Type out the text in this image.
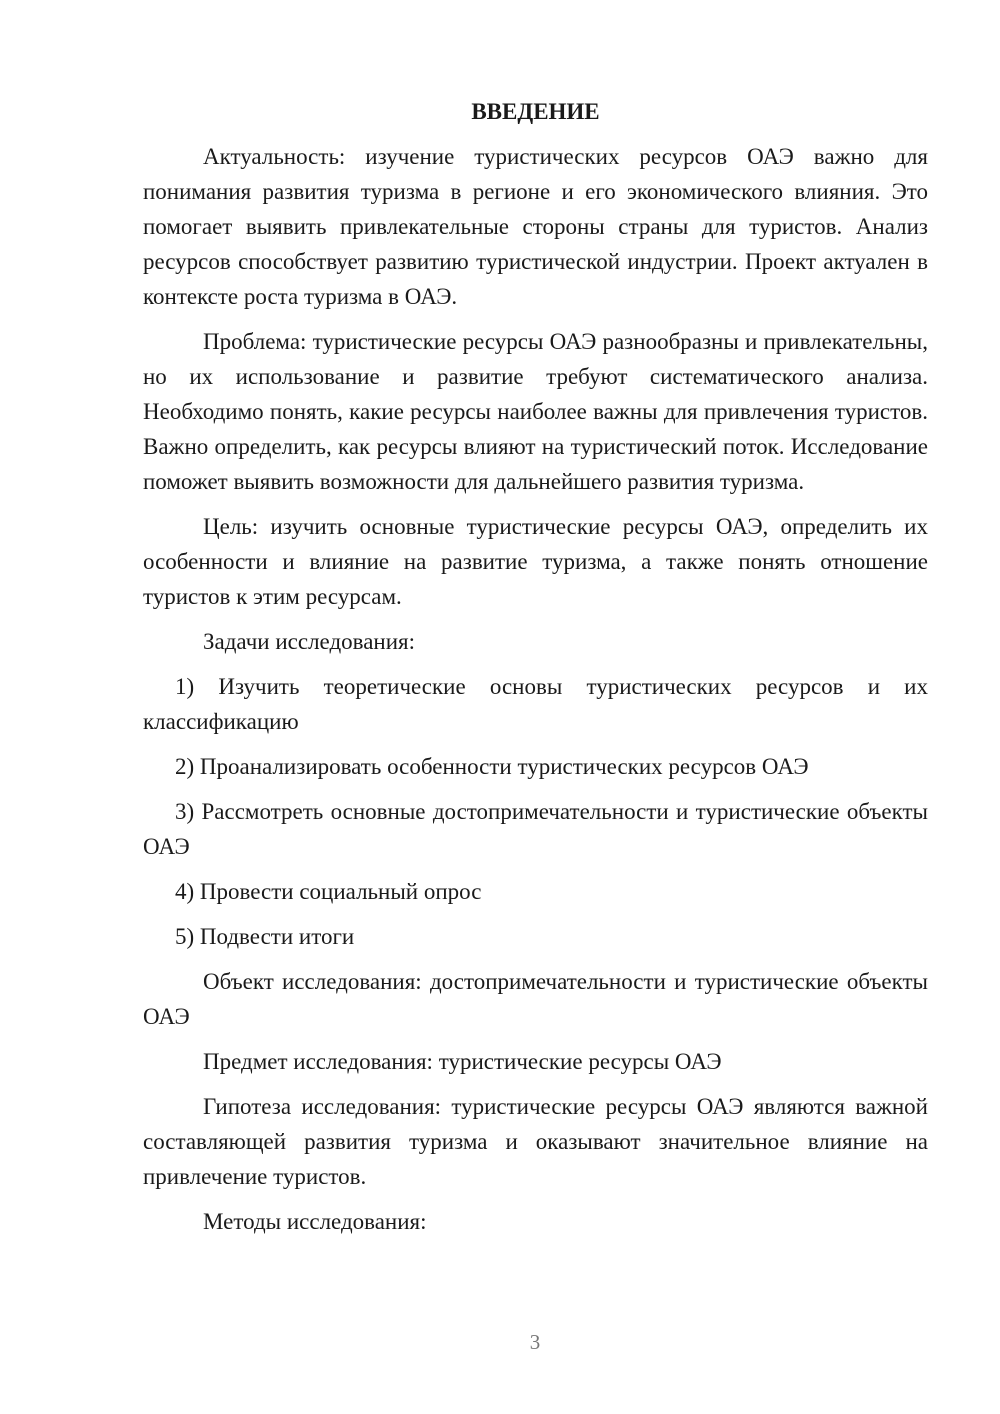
ВВЕДЕНИЕ

Актуальность: изучение туристических ресурсов ОАЭ важно для понимания развития туризма в регионе и его экономического влияния. Это помогает выявить привлекательные стороны страны для туристов. Анализ ресурсов способствует развитию туристической индустрии. Проект актуален в контексте роста туризма в ОАЭ.

Проблема: туристические ресурсы ОАЭ разнообразны и привлекательны, но их использование и развитие требуют систематического анализа. Необходимо понять, какие ресурсы наиболее важны для привлечения туристов. Важно определить, как ресурсы влияют на туристический поток. Исследование поможет выявить возможности для дальнейшего развития туризма.

Цель: изучить основные туристические ресурсы ОАЭ, определить их особенности и влияние на развитие туризма, а также понять отношение туристов к этим ресурсам.

Задачи исследования:

1) Изучить теоретические основы туристических ресурсов и их классификацию

2) Проанализировать особенности туристических ресурсов ОАЭ

3) Рассмотреть основные достопримечательности и туристические объекты ОАЭ

4) Провести социальный опрос

5) Подвести итоги

Объект исследования: достопримечательности и туристические объекты ОАЭ

Предмет исследования: туристические ресурсы ОАЭ

Гипотеза исследования: туристические ресурсы ОАЭ являются важной составляющей развития туризма и оказывают значительное влияние на привлечение туристов.

Методы исследования:

3
